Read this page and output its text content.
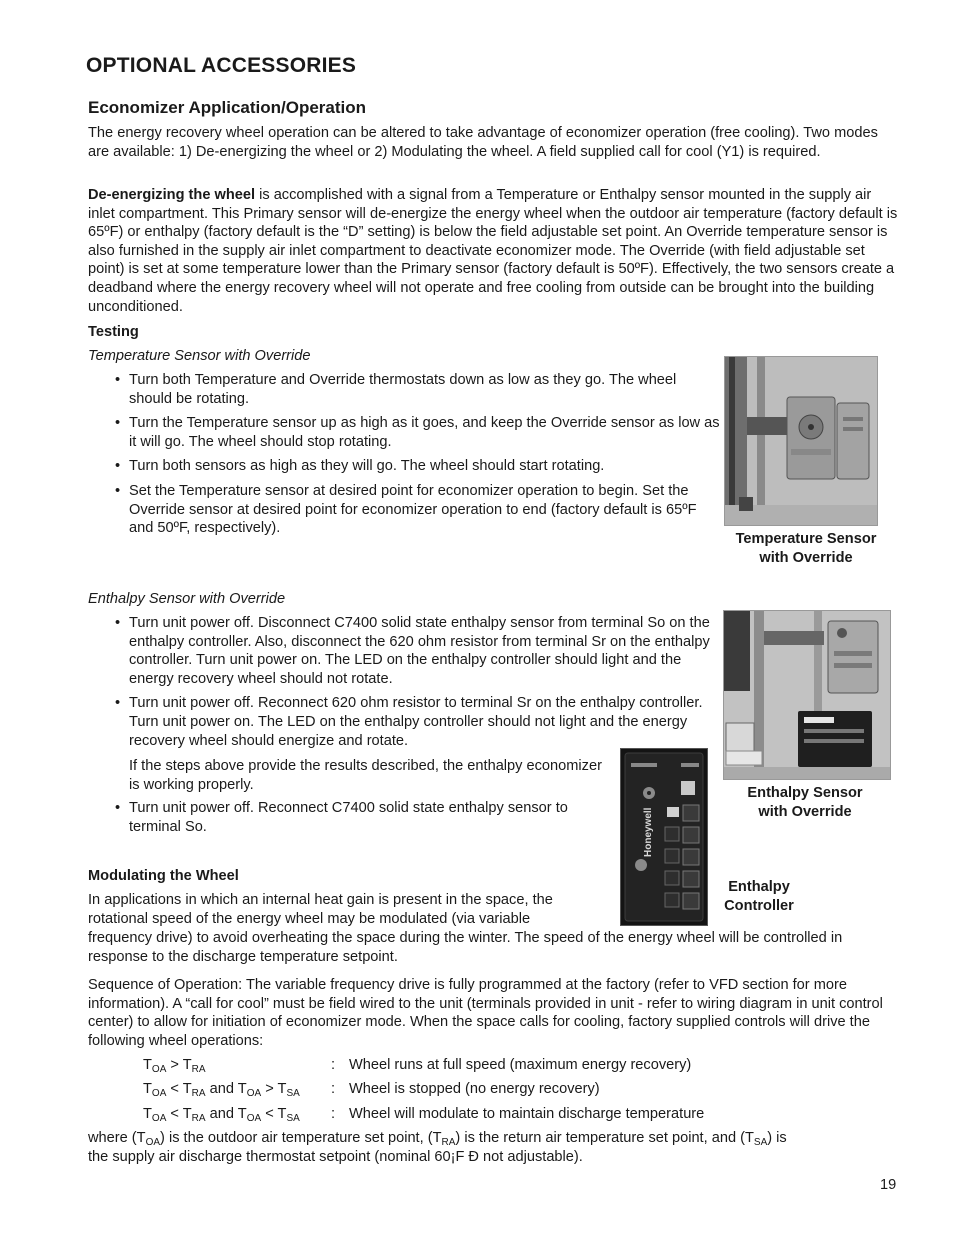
OPTIONAL ACCESSORIES
Economizer Application/Operation
The energy recovery wheel operation can be altered to take advantage of economizer operation (free cooling). Two modes are available: 1) De-energizing the wheel or 2) Modulating the wheel. A field supplied call for cool (Y1) is required.
De-energizing the wheel is accomplished with a signal from a Temperature or Enthalpy sensor mounted in the supply air inlet compartment. This Primary sensor will de-energize the energy wheel when the outdoor air temperature (factory default is 65ºF) or enthalpy (factory default is the “D” setting) is below the field adjustable set point. An Override temperature sensor is also furnished in the supply air inlet compartment to deactivate economizer mode. The Override (with field adjustable set point) is set at some temperature lower than the Primary sensor (factory default is 50ºF). Effectively, the two sensors create a deadband where the energy recovery wheel will not operate and free cooling from outside can be brought into the building unconditioned.
Testing
Temperature Sensor with Override
• Turn both Temperature and Override thermostats down as low as they go. The wheel should be rotating.
• Turn the Temperature sensor up as high as it goes, and keep the Override sensor as low as it will go. The wheel should stop rotating.
• Turn both sensors as high as they will go. The wheel should start rotating.
• Set the Temperature sensor at desired point for economizer operation to begin. Set the Override sensor at desired point for economizer operation to end (factory default is 65ºF and 50ºF, respectively).
Temperature Sensor
with Override
Enthalpy Sensor with Override
• Turn unit power off. Disconnect C7400 solid state enthalpy sensor from terminal So on the enthalpy controller. Also, disconnect the 620 ohm resistor from terminal Sr on the enthalpy controller. Turn unit power on. The LED on the enthalpy controller should light and the energy recovery wheel should not rotate.
• Turn unit power off. Reconnect 620 ohm resistor to terminal Sr on the enthalpy controller. Turn unit power on. The LED on the enthalpy controller should not light and the energy recovery wheel should energize and rotate.
If the steps above provide the results described, the enthalpy economizer is working properly.
• Turn unit power off. Reconnect C7400 solid state enthalpy sensor to terminal So.
Enthalpy Sensor
with Override
Honeywell
Enthalpy
Controller
Modulating the Wheel
In applications in which an internal heat gain is present in the space, the rotational speed of the energy wheel may be modulated (via variable
frequency drive) to avoid overheating the space during the winter. The speed of the energy wheel will be controlled in response to the discharge temperature setpoint.
Sequence of Operation: The variable frequency drive is fully programmed at the factory (refer to VFD section for more information). A “call for cool” must be field wired to the unit (terminals provided in unit - refer to wiring diagram in unit control center) to allow for initiation of economizer mode. When the space calls for cooling, factory supplied controls will drive the following wheel operations:
$T_{OA} > T_{RA}$	: Wheel runs at full speed (maximum energy recovery)
$T_{OA} < T_{RA}$ and $T_{OA} > T_{SA}$ : Wheel is stopped (no energy recovery)
$T_{OA} < T_{RA}$ and $T_{OA} < T_{SA}$ : Wheel will modulate to maintain discharge temperature
where $(T_{OA})$ is the outdoor air temperature set point, $(T_{RA})$ is the return air temperature set point, and $(T_{SA})$ is
the supply air discharge thermostat setpoint (nominal 60¡F Ð not adjustable).
19
